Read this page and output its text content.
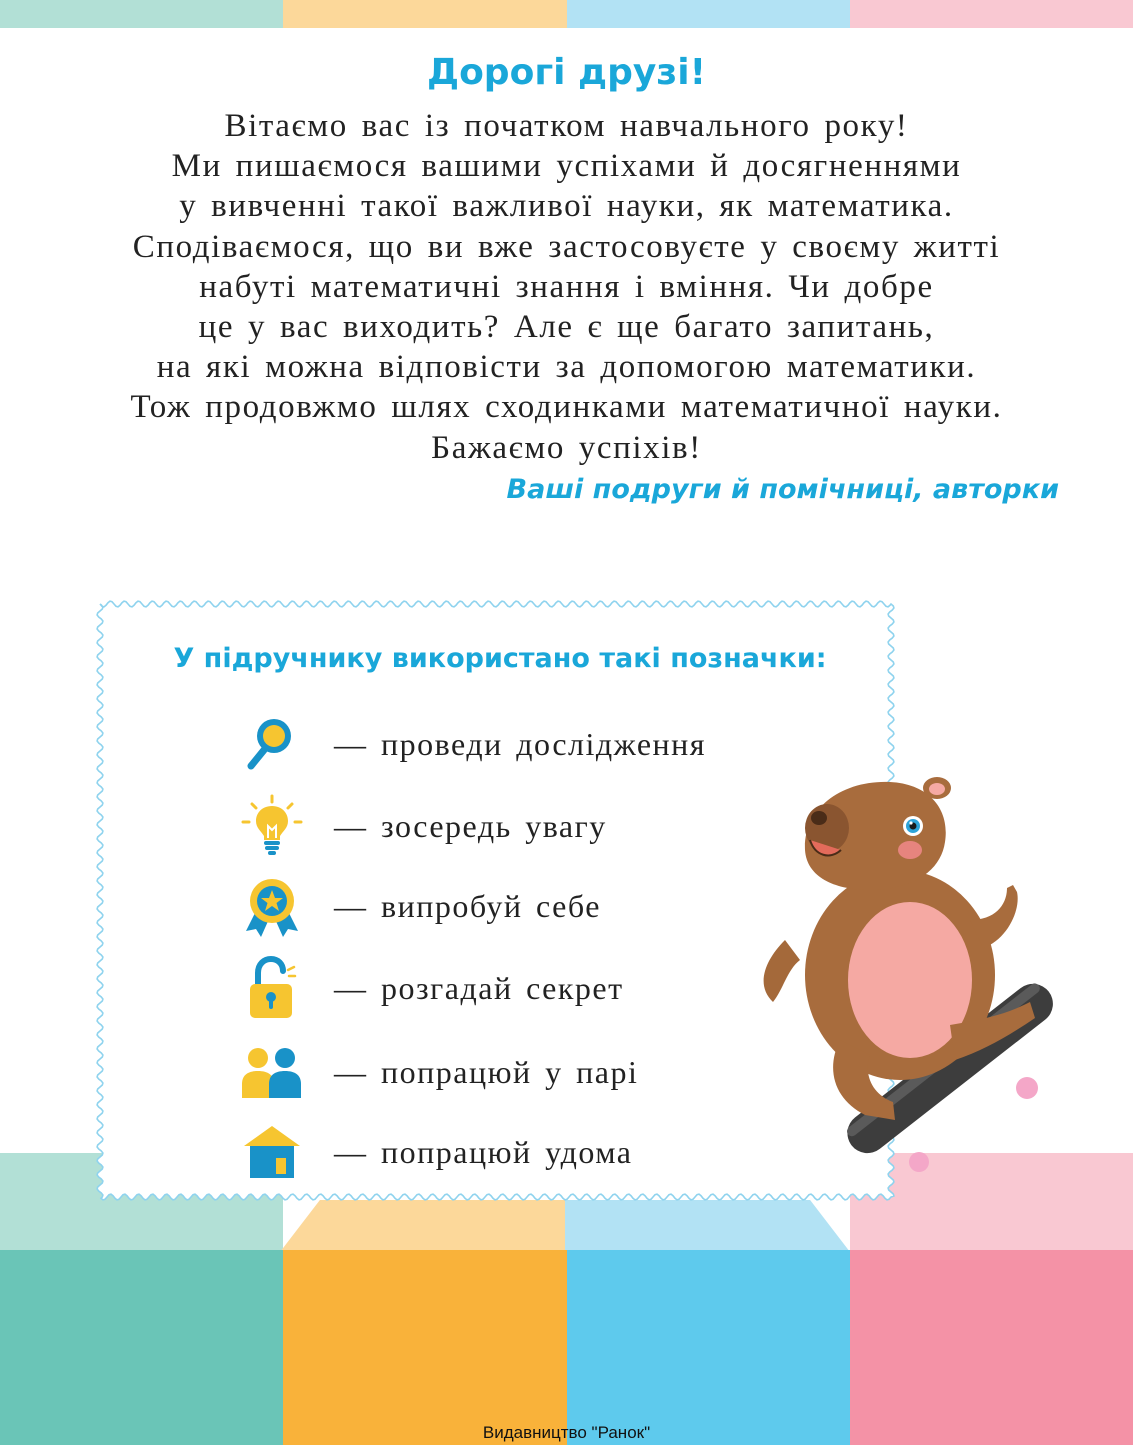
Дорогі друзі!
Вітаємо вас із початком навчального року!
Ми пишаємося вашими успіхами й досягненнями
у вивченні такої важливої науки, як математика.
Сподіваємося, що ви вже застосовуєте у своєму житті
набуті математичні знання і вміння. Чи добре
це у вас виходить? Але є ще багато запитань,
на які можна відповісти за допомогою математики.
Тож продовжмо шлях сходинками математичної науки.
Бажаємо успіхів!
Ваші подруги й помічниці, авторки
У підручнику використано такі позначки:
— проведи дослідження
— зосередь увагу
— випробуй себе
— розгадай секрет
— попрацюй у парі
— попрацюй удома
Видавництво "Ранок"
